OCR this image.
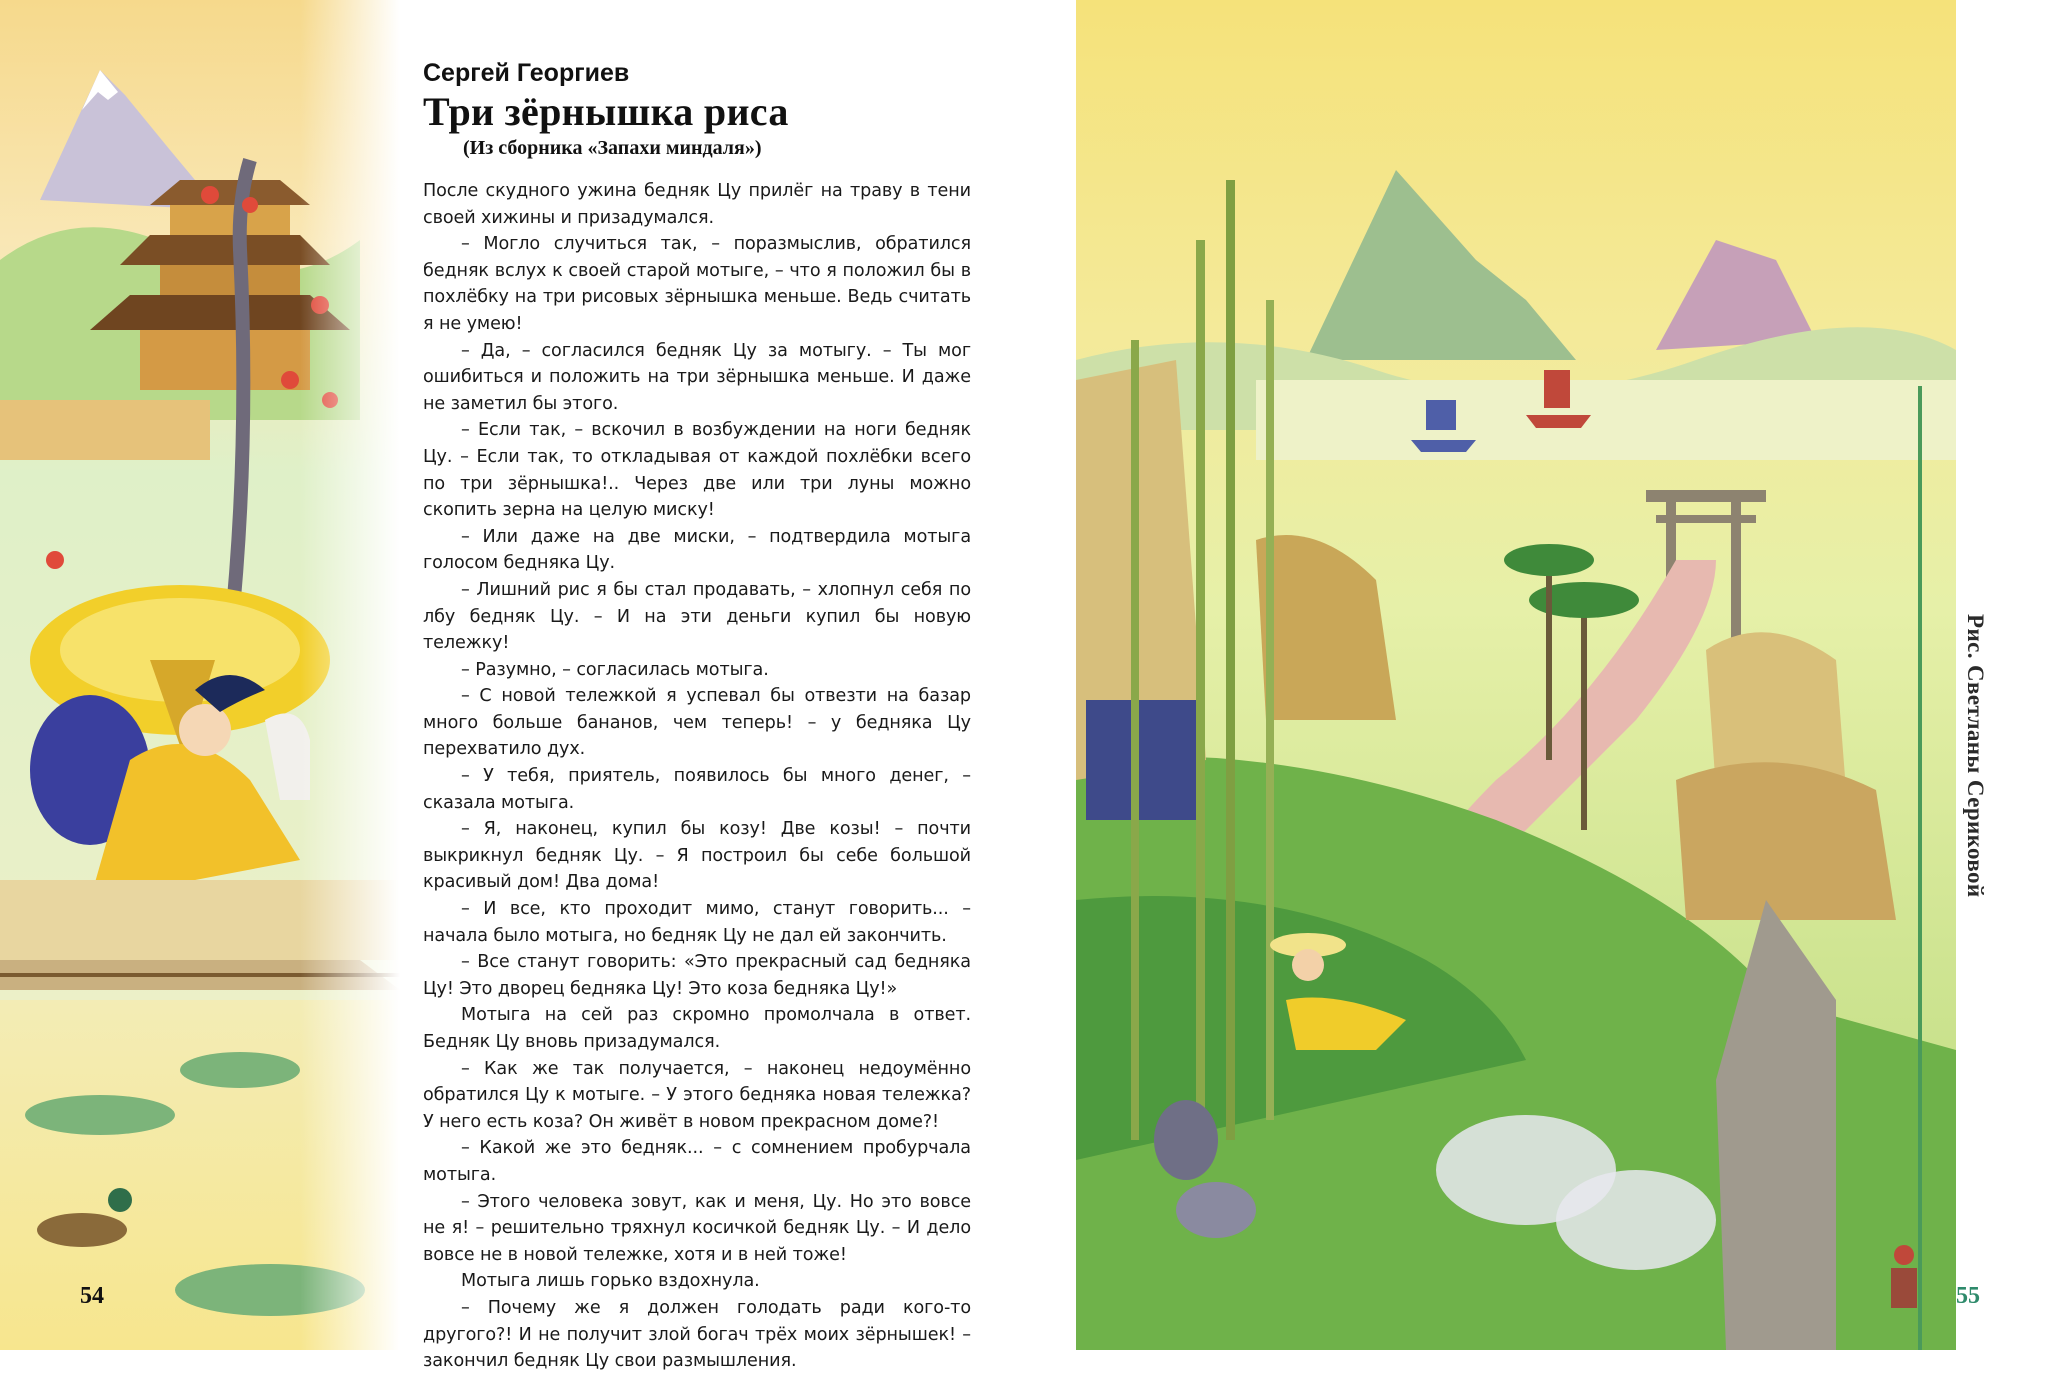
Сергей Георгиев
Три зёрнышка риса
(Из сборника «Запахи миндаля»)

После скудного ужина бедняк Цу прилёг на траву в тени своей хижины и призадумался.

– Могло случиться так, – поразмыслив, обратился бедняк вслух к своей старой мотыге, – что я положил бы в похлёбку на три рисовых зёрнышка меньше. Ведь считать я не умею!

– Да, – согласился бедняк Цу за мотыгу. – Ты мог ошибиться и положить на три зёрнышка меньше. И даже не заметил бы этого.

– Если так, – вскочил в возбуждении на ноги бедняк Цу. – Если так, то откладывая от каждой похлёбки всего по три зёрнышка!.. Через две или три луны можно скопить зерна на целую миску!

– Или даже на две миски, – подтвердила мотыга голосом бедняка Цу.

– Лишний рис я бы стал продавать, – хлопнул себя по лбу бедняк Цу. – И на эти деньги купил бы новую тележку!

– Разумно, – согласилась мотыга.

– С новой тележкой я успевал бы отвезти на базар много больше бананов, чем теперь! – у бедняка Цу перехватило дух.

– У тебя, приятель, появилось бы много денег, – сказала мотыга.

– Я, наконец, купил бы козу! Две козы! – почти выкрикнул бедняк Цу. – Я построил бы себе большой красивый дом! Два дома!

– И все, кто проходит мимо, станут говорить... – начала было мотыга, но бедняк Цу не дал ей закончить.

– Все станут говорить: «Это прекрасный сад бедняка Цу! Это дворец бедняка Цу! Это коза бедняка Цу!»

Мотыга на сей раз скромно промолчала в ответ. Бедняк Цу вновь призадумался.

– Как же так получается, – наконец недоумённо обратился Цу к мотыге. – У этого бедняка новая тележка? У него есть коза? Он живёт в новом прекрасном доме?!

– Какой же это бедняк... – с сомнением пробурчала мотыга.

– Этого человека зовут, как и меня, Цу. Но это вовсе не я! – решительно тряхнул косичкой бедняк Цу. – И дело вовсе не в новой тележке, хотя и в ней тоже!

Мотыга лишь горько вздохнула.

– Почему же я должен голодать ради кого-то другого?! И не получит злой богач трёх моих зёрнышек! – закончил бедняк Цу свои размышления.

54
Рис. Светланы Сериковой
55
